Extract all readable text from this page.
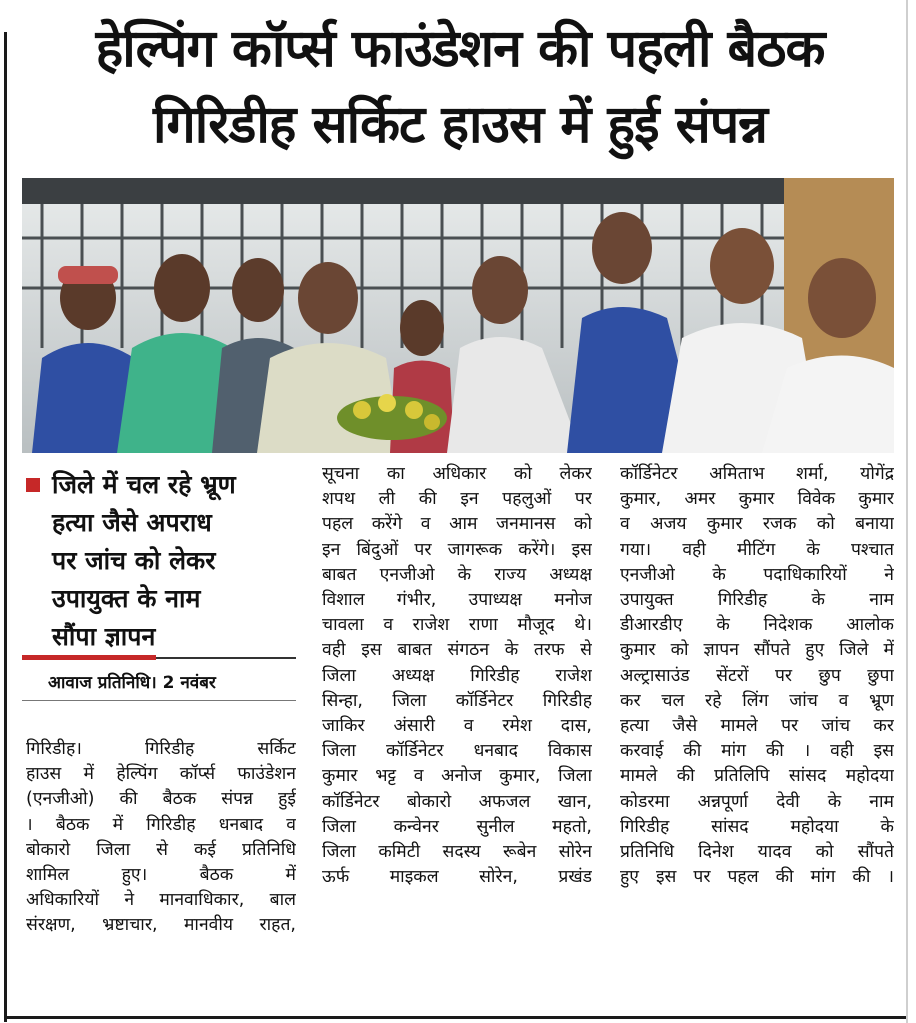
हेल्पिंग कॉर्प्स फाउंडेशन की पहली बैठक
गिरिडीह सर्किट हाउस में हुई संपन्न
जिले में चल रहे भ्रूण
हत्या जैसे अपराध
पर जांच को लेकर
उपायुक्त के नाम
सौंपा ज्ञापन
आवाज प्रतिनिधि। 2 नवंबर
गिरिडीह। गिरिडीह सर्किट
हाउस में हेल्पिंग कॉर्प्स फाउंडेशन
(एनजीओ) की बैठक संपन्न हुई
। बैठक में गिरिडीह धनबाद व
बोकारो जिला से कई प्रतिनिधि
शामिल हुए। बैठक में
अधिकारियों ने मानवाधिकार, बाल
संरक्षण, भ्रष्टाचार, मानवीय राहत,
सूचना का अधिकार को लेकर
शपथ ली की इन पहलुओं पर
पहल करेंगे व आम जनमानस को
इन बिंदुओं पर जागरूक करेंगे। इस
बाबत एनजीओ के राज्य अध्यक्ष
विशाल गंभीर, उपाध्यक्ष मनोज
चावला व राजेश राणा मौजूद थे।
वही इस बाबत संगठन के तरफ से
जिला अध्यक्ष गिरिडीह राजेश
सिन्हा, जिला कॉर्डिनेटर गिरिडीह
जाकिर अंसारी व रमेश दास,
जिला कॉर्डिनेटर धनबाद विकास
कुमार भट्ट व अनोज कुमार, जिला
कॉर्डिनेटर बोकारो अफजल खान,
जिला कन्वेनर सुनील महतो,
जिला कमिटी सदस्य रूबेन सोरेन
ऊर्फ माइकल सोरेन, प्रखंड
कॉर्डिनेटर अमिताभ शर्मा, योगेंद्र
कुमार, अमर कुमार विवेक कुमार
व अजय कुमार रजक को बनाया
गया। वही मीटिंग के पश्चात
एनजीओ के पदाधिकारियों ने
उपायुक्त गिरिडीह के नाम
डीआरडीए के निदेशक आलोक
कुमार को ज्ञापन सौंपते हुए जिले में
अल्ट्रासाउंड सेंटरों पर छुप छुपा
कर चल रहे लिंग जांच व भ्रूण
हत्या जैसे मामले पर जांच कर
करवाई की मांग की । वही इस
मामले की प्रतिलिपि सांसद महोदया
कोडरमा अन्नपूर्णा देवी के नाम
गिरिडीह सांसद महोदया के
प्रतिनिधि दिनेश यादव को सौंपते
हुए इस पर पहल की मांग की ।
